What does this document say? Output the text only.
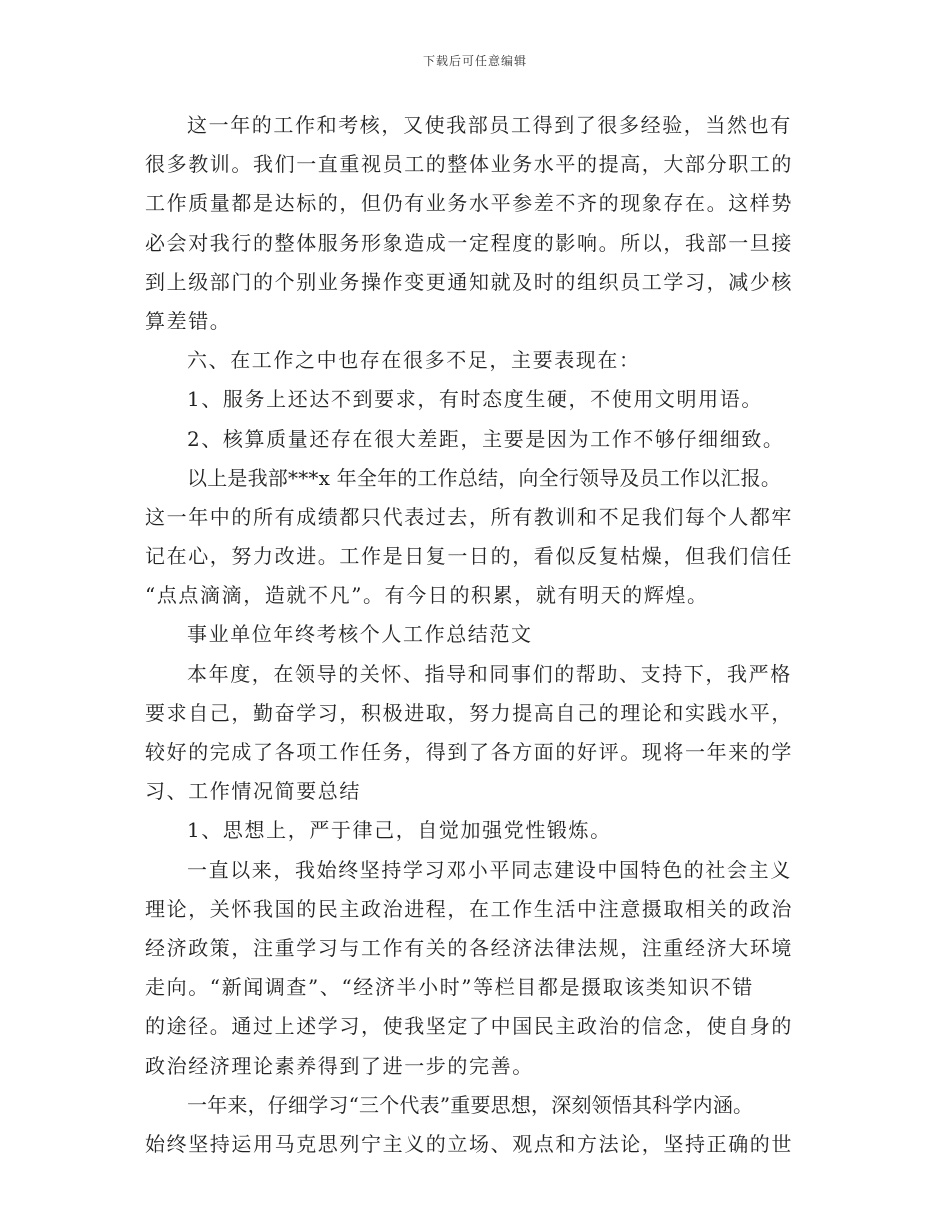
下载后可任意编辑
这一年的工作和考核，又使我部员工得到了很多经验，当然也有
很多教训。我们一直重视员工的整体业务水平的提高，大部分职工的
工作质量都是达标的，但仍有业务水平参差不齐的现象存在。这样势
必会对我行的整体服务形象造成一定程度的影响。所以，我部一旦接
到上级部门的个别业务操作变更通知就及时的组织员工学习，减少核
算差错。
六、在工作之中也存在很多不足，主要表现在：
1、服务上还达不到要求，有时态度生硬，不使用文明用语。
2、核算质量还存在很大差距，主要是因为工作不够仔细细致。
以上是我部***x 年全年的工作总结，向全行领导及员工作以汇报。
这一年中的所有成绩都只代表过去，所有教训和不足我们每个人都牢
记在心，努力改进。工作是日复一日的，看似反复枯燥，但我们信任
“点点滴滴，造就不凡”。有今日的积累，就有明天的辉煌。
事业单位年终考核个人工作总结范文
本年度，在领导的关怀、指导和同事们的帮助、支持下，我严格
要求自己，勤奋学习，积极进取，努力提高自己的理论和实践水平，
较好的完成了各项工作任务，得到了各方面的好评。现将一年来的学
习、工作情况简要总结
1、思想上，严于律己，自觉加强党性锻炼。
一直以来，我始终坚持学习邓小平同志建设中国特色的社会主义
理论，关怀我国的民主政治进程，在工作生活中注意摄取相关的政治
经济政策，注重学习与工作有关的各经济法律法规，注重经济大环境
走向。“新闻调查”、“经济半小时”等栏目都是摄取该类知识不错
的途径。通过上述学习，使我坚定了中国民主政治的信念，使自身的
政治经济理论素养得到了进一步的完善。
一年来，仔细学习“三个代表”重要思想，深刻领悟其科学内涵。
始终坚持运用马克思列宁主义的立场、观点和方法论，坚持正确的世
